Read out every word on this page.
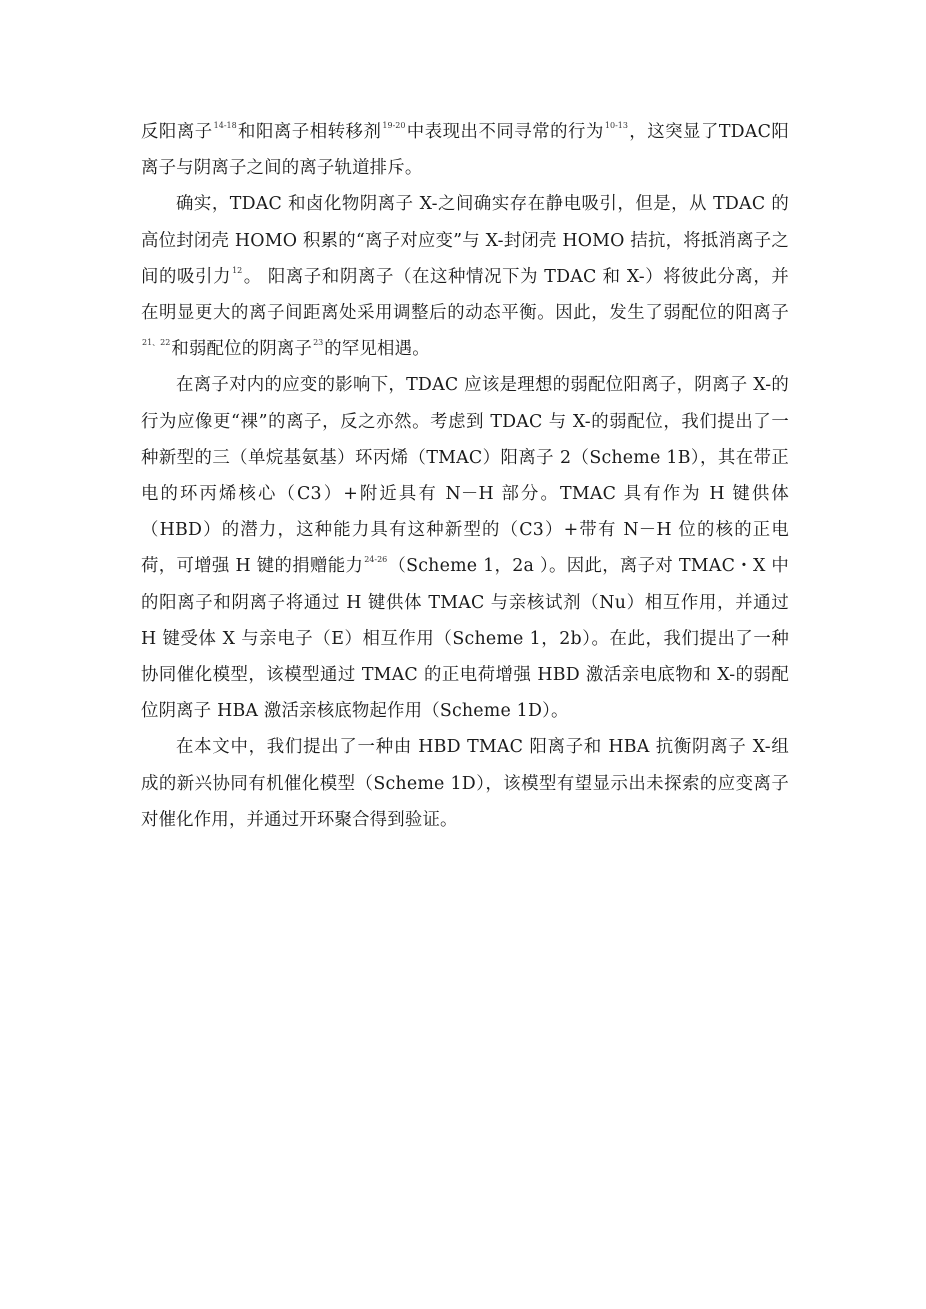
反阳离子$^{14-18}$和阳离子相转移剂$^{19-20}$中表现出不同寻常的行为$^{10-13}$，这突显了TDAC阳离子与阴离子之间的离子轨道排斥。

确实，TDAC 和卤化物阴离子 X-之间确实存在静电吸引，但是，从 TDAC 的高位封闭壳 HOMO 积累的“离子对应变”与 X-封闭壳 HOMO 拮抗，将抵消离子之间的吸引力$^{12}$。 阳离子和阴离子（在这种情况下为 TDAC 和 X-）将彼此分离，并在明显更大的离子间距离处采用调整后的动态平衡。因此，发生了弱配位的阳离子$^{21、22}$和弱配位的阴离子$^{23}$的罕见相遇。

在离子对内的应变的影响下，TDAC 应该是理想的弱配位阳离子，阴离子 X-的行为应像更“裸”的离子，反之亦然。考虑到 TDAC 与 X-的弱配位，我们提出了一种新型的三（单烷基氨基）环丙烯（TMAC）阳离子 2（Scheme 1B），其在带正电的环丙烯核心（C3）+附近具有 N－H 部分。TMAC 具有作为 H 键供体（HBD）的潜力，这种能力具有这种新型的（C3）+带有 N－H 位的核的正电荷，可增强 H 键的捐赠能力$^{24-26}$（Scheme 1，2a ）。因此，离子对 TMAC・X 中的阳离子和阴离子将通过 H 键供体 TMAC 与亲核试剂（Nu）相互作用，并通过 H 键受体 X 与亲电子（E）相互作用（Scheme 1，2b）。在此，我们提出了一种协同催化模型，该模型通过 TMAC 的正电荷增强 HBD 激活亲电底物和 X-的弱配位阴离子 HBA 激活亲核底物起作用（Scheme 1D）。

在本文中，我们提出了一种由 HBD TMAC 阳离子和 HBA 抗衡阴离子 X-组成的新兴协同有机催化模型（Scheme 1D），该模型有望显示出未探索的应变离子对催化作用，并通过开环聚合得到验证。
